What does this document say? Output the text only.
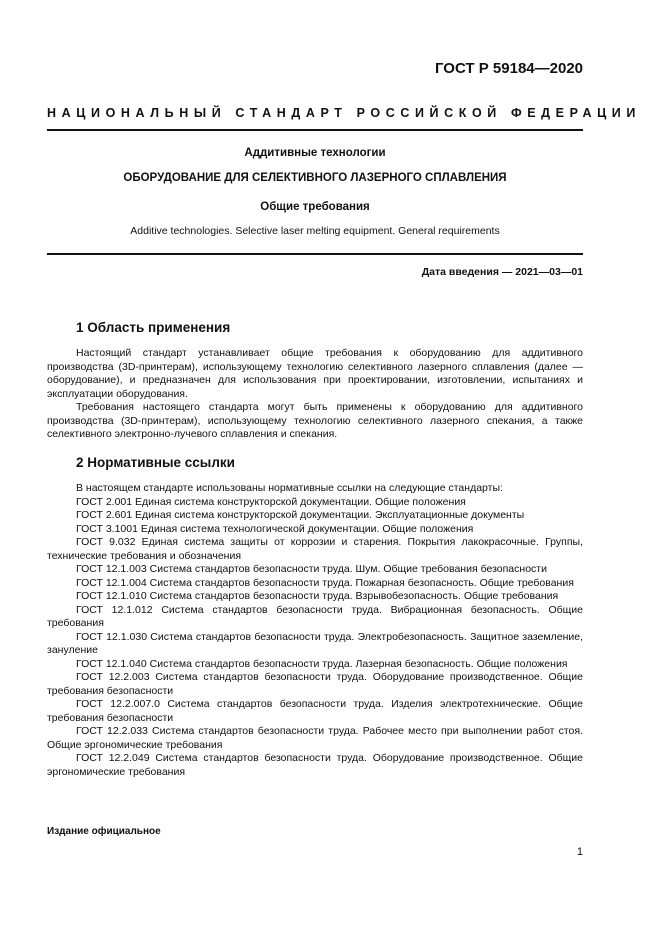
ГОСТ Р 59184—2020
НАЦИОНАЛЬНЫЙ СТАНДАРТ РОССИЙСКОЙ ФЕДЕРАЦИИ
Аддитивные технологии
ОБОРУДОВАНИЕ ДЛЯ СЕЛЕКТИВНОГО ЛАЗЕРНОГО СПЛАВЛЕНИЯ
Общие требования
Additive technologies. Selective laser melting equipment. General requirements
Дата введения — 2021—03—01
1 Область применения

Настоящий стандарт устанавливает общие требования к оборудованию для аддитивного производства (3D-принтерам), использующему технологию селективного лазерного сплавления (далее — оборудование), и предназначен для использования при проектировании, изготовлении, испытаниях и эксплуатации оборудования.

Требования настоящего стандарта могут быть применены к оборудованию для аддитивного производства (3D-принтерам), использующему технологию селективного лазерного спекания, а также селективного электронно-лучевого сплавления и спекания.

2 Нормативные ссылки

В настоящем стандарте использованы нормативные ссылки на следующие стандарты:

ГОСТ 2.001 Единая система конструкторской документации. Общие положения

ГОСТ 2.601 Единая система конструкторской документации. Эксплуатационные документы

ГОСТ 3.1001 Единая система технологической документации. Общие положения

ГОСТ 9.032 Единая система защиты от коррозии и старения. Покрытия лакокрасочные. Группы, технические требования и обозначения

ГОСТ 12.1.003 Система стандартов безопасности труда. Шум. Общие требования безопасности

ГОСТ 12.1.004 Система стандартов безопасности труда. Пожарная безопасность. Общие требования

ГОСТ 12.1.010 Система стандартов безопасности труда. Взрывобезопасность. Общие требования

ГОСТ 12.1.012 Система стандартов безопасности труда. Вибрационная безопасность. Общие требования

ГОСТ 12.1.030 Система стандартов безопасности труда. Электробезопасность. Защитное заземление, зануление

ГОСТ 12.1.040 Система стандартов безопасности труда. Лазерная безопасность. Общие положения

ГОСТ 12.2.003 Система стандартов безопасности труда. Оборудование производственное. Общие требования безопасности

ГОСТ 12.2.007.0 Система стандартов безопасности труда. Изделия электротехнические. Общие требования безопасности

ГОСТ 12.2.033 Система стандартов безопасности труда. Рабочее место при выполнении работ стоя. Общие эргономические требования

ГОСТ 12.2.049 Система стандартов безопасности труда. Оборудование производственное. Общие эргономические требования

Издание официальное
1
